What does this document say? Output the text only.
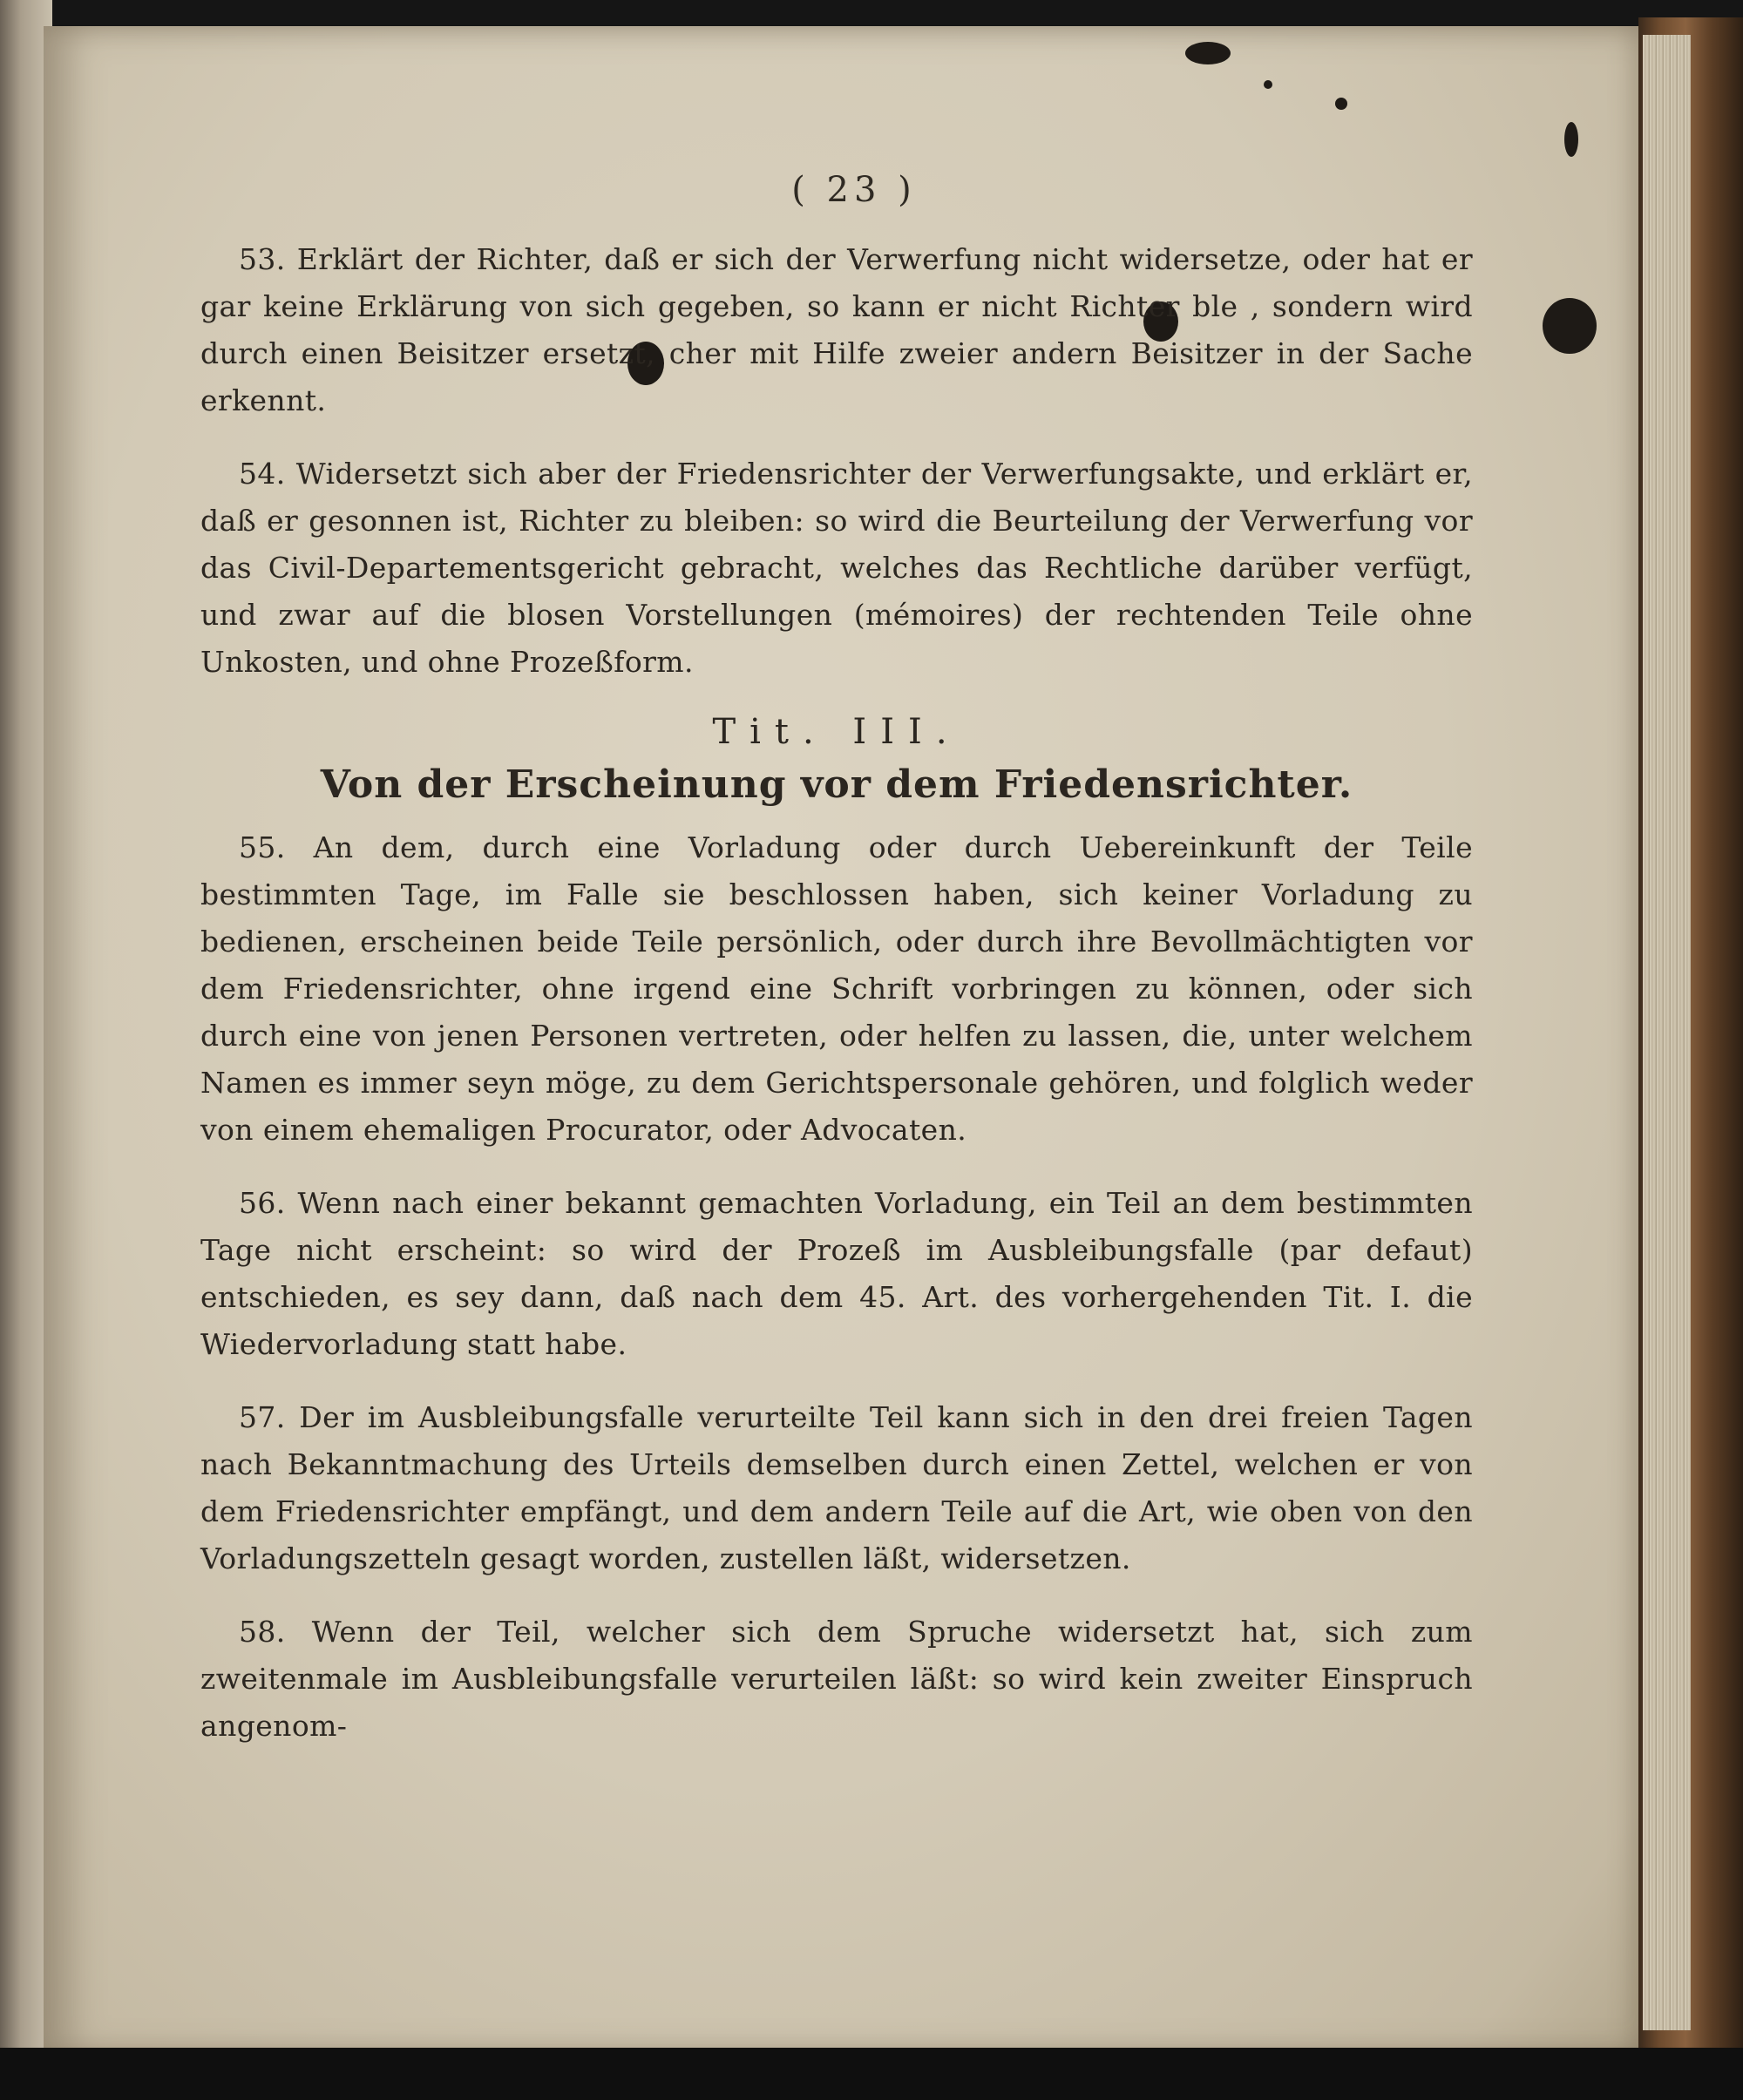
( 23 )

53. Erklärt der Richter, daß er sich der Verwerfung nicht widersetze, oder hat er gar keine Erklärung von sich gegeben, so kann er nicht Richter ble , sondern wird durch einen Beisitzer ersetzt, cher mit Hilfe zweier andern Beisitzer in der Sache erkennt.

54. Widersetzt sich aber der Friedensrichter der Verwerfungsakte, und erklärt er, daß er gesonnen ist, Richter zu bleiben: so wird die Beurteilung der Verwerfung vor das Civil-Departementsgericht gebracht, welches das Rechtliche darüber verfügt, und zwar auf die blosen Vorstellungen (mémoires) der rechtenden Teile ohne Unkosten, und ohne Prozeßform.

Tit. III.
Von der Erscheinung vor dem Friedensrichter.

55. An dem, durch eine Vorladung oder durch Uebereinkunft der Teile bestimmten Tage, im Falle sie beschlossen haben, sich keiner Vorladung zu bedienen, erscheinen beide Teile persönlich, oder durch ihre Bevollmächtigten vor dem Friedensrichter, ohne irgend eine Schrift vorbringen zu können, oder sich durch eine von jenen Personen vertreten, oder helfen zu lassen, die, unter welchem Namen es immer seyn möge, zu dem Gerichtspersonale gehören, und folglich weder von einem ehemaligen Procurator, oder Advocaten.

56. Wenn nach einer bekannt gemachten Vorladung, ein Teil an dem bestimmten Tage nicht erscheint: so wird der Prozeß im Ausbleibungsfalle (par defaut) entschieden, es sey dann, daß nach dem 45. Art. des vorhergehenden Tit. I. die Wiedervorladung statt habe.

57. Der im Ausbleibungsfalle verurteilte Teil kann sich in den drei freien Tagen nach Bekanntmachung des Urteils demselben durch einen Zettel, welchen er von dem Friedensrichter empfängt, und dem andern Teile auf die Art, wie oben von den Vorladungszetteln gesagt worden, zustellen läßt, widersetzen.

58. Wenn der Teil, welcher sich dem Spruche widersetzt hat, sich zum zweitenmale im Ausbleibungsfalle verurteilen läßt: so wird kein zweiter Einspruch angenom-
